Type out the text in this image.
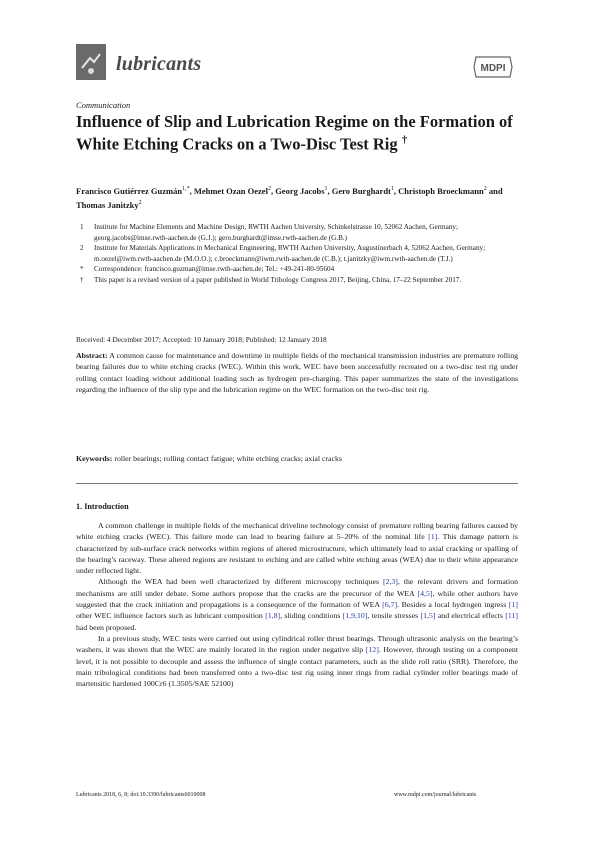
lubricants	MDPI
Communication
Influence of Slip and Lubrication Regime on the Formation of White Etching Cracks on a Two-Disc Test Rig †
Francisco Gutiérrez Guzmán$^{1,*}$, Mehmet Ozan Oezel$^2$, Georg Jacobs$^1$, Gero Burghardt$^1$, Christoph Broeckmann$^2$ and Thomas Janitzky$^2$
1	Institute for Machine Elements and Machine Design, RWTH Aachen University, Schinkelstrasse 10, 52062 Aachen, Germany; georg.jacobs@imse.rwth-aachen.de (G.J.); gero.burghardt@imse.rwth-aachen.de (G.B.)
2	Institute for Materials Applications in Mechanical Engineering, RWTH Aachen University, Augustinerbach 4, 52062 Aachen, Germany; m.oezel@iwm.rwth-aachen.de (M.O.O.); c.broeckmann@iwm.rwth-aachen.de (C.B.); t.janitzky@iwm.rwth-aachen.de (T.J.)
*	Correspondence: francisco.guzman@imse.rwth-aachen.de; Tel.: +49-241-80-95604
†	This paper is a revised version of a paper published in World Tribology Congress 2017, Beijing, China, 17–22 September 2017.
Received: 4 December 2017; Accepted: 10 January 2018; Published: 12 January 2018
Abstract: A common cause for maintenance and downtime in multiple fields of the mechanical transmission industries are premature rolling bearing failures due to white etching cracks (WEC). Within this work, WEC have been successfully recreated on a two-disc test rig under rolling contact loading without additional loading such as hydrogen pre-charging. This paper summarizes the state of the investigations regarding the influence of the slip type and the lubrication regime on the WEC formation on the two-disc test rig.
Keywords: roller bearings; rolling contact fatigue; white etching cracks; axial cracks
1. Introduction

A common challenge in multiple fields of the mechanical driveline technology consist of premature rolling bearing failures caused by white etching cracks (WEC). This failure mode can lead to bearing failure at 5–20% of the nominal life [1]. This damage pattern is characterized by sub-surface crack networks within regions of altered microstructure, which ultimately lead to axial cracking or spalling of the bearing’s raceway. These altered regions are resistant to etching and are called white etching areas (WEA) due to their white appearance under reflected light.

Although the WEA had been well characterized by different microscopy techniques [2,3], the relevant drivers and formation mechanisms are still under debate. Some authors propose that the cracks are the precursor of the WEA [4,5], while other authors have suggested that the crack initiation and propagations is a consequence of the formation of WEA [6,7]. Besides a local hydrogen ingress [1] other WEC influence factors such as lubricant composition [1,8], sliding conditions [1,9,10], tensile stresses [1,5] and electrical effects [11] had been proposed.

In a previous study, WEC tests were carried out using cylindrical roller thrust bearings. Through ultrasonic analysis on the bearing’s washers, it was shown that the WEC are mainly located in the region under negative slip [12]. However, through testing on a component level, it is not possible to decouple and assess the influence of single contact parameters, such as the slide roll ratio (SRR). Therefore, the main tribological conditions had been transferred onto a two-disc test rig using inner rings from radial cylinder roller bearings made of martensitic hardened 100Cr6 (1.3505/SAE 52100)

Lubricants 2018, 6, 8; doi:10.3390/lubricants6010008	www.mdpi.com/journal/lubricants
